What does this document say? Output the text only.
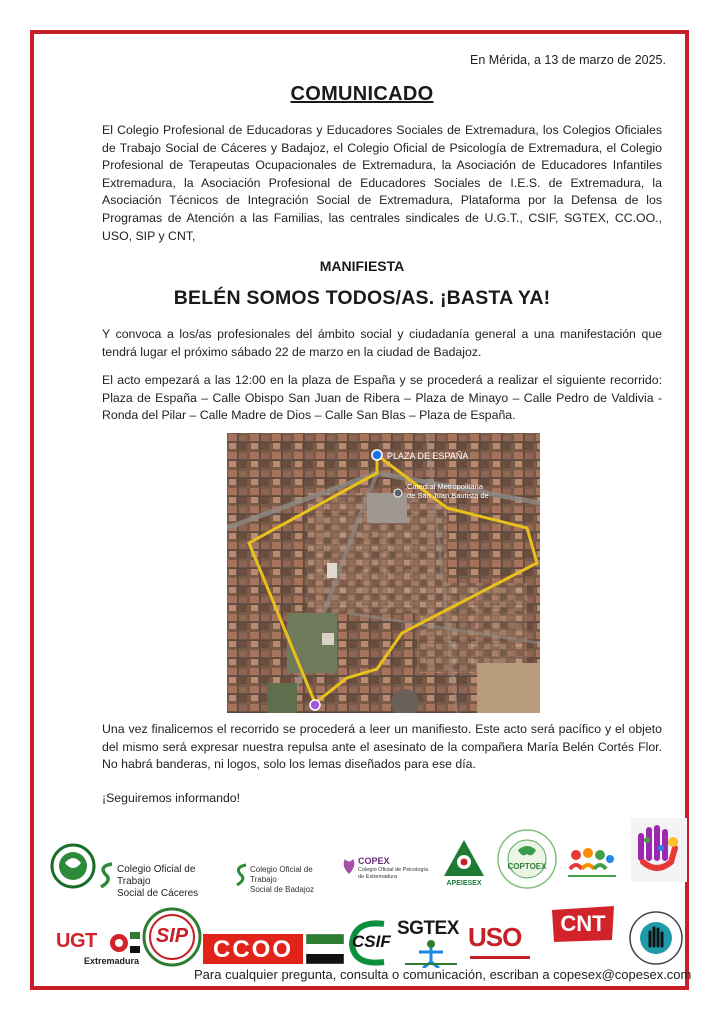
En Mérida, a 13 de marzo de 2025.
COMUNICADO
El Colegio Profesional de Educadoras y Educadores Sociales de Extremadura, los Colegios Oficiales de Trabajo Social de Cáceres y Badajoz, el Colegio Oficial de Psicología de Extremadura, el Colegio Profesional de Terapeutas Ocupacionales de Extremadura, la Asociación de Educadores Infantiles Extremadura, la Asociación Profesional de Educadores Sociales de I.E.S. de Extremadura, la Asociación Técnicos de Integración Social de Extremadura, Plataforma por la Defensa de los Programas de Atención a las Familias, las centrales sindicales de U.G.T., CSIF, SGTEX, CC.OO., USO, SIP y CNT,
MANIFIESTA
BELÉN SOMOS TODOS/AS. ¡BASTA YA!
Y convoca a los/as profesionales del ámbito social y ciudadanía general a una manifestación que tendrá lugar el próximo sábado 22 de marzo en la ciudad de Badajoz.
El acto empezará a las 12:00 en la plaza de España y se procederá a realizar el siguiente recorrido: Plaza de España – Calle Obispo San Juan de Ribera – Plaza de Minayo – Calle Pedro de Valdivia - Ronda del Pilar – Calle Madre de Dios – Calle San Blas – Plaza de España.
PLAZA DE ESPAÑA
Catedral Metropolitana
de San Juan Bautista de
Una vez finalicemos el recorrido se procederá a leer un manifiesto. Este acto será pacífico y el objeto del mismo será expresar nuestra repulsa ante el asesinato de la compañera María Belén Cortés Flor. No habrá banderas, ni logos, solo los lemas diseñados para ese día.
¡Seguiremos informando!
Colegio Oficial de Trabajo
Social de Cáceres
Colegio Oficial de Trabajo
Social de Badajoz
COPEX
Colegio Oficial de Psicología
de Extremadura
APEIESEX
COPTOEX
UGT
Extremadura
SIP	CCOO	CSIF
SGTEX USO	CNT
Para cualquier pregunta, consulta o comunicación, escriban a copesex@copesex.com
